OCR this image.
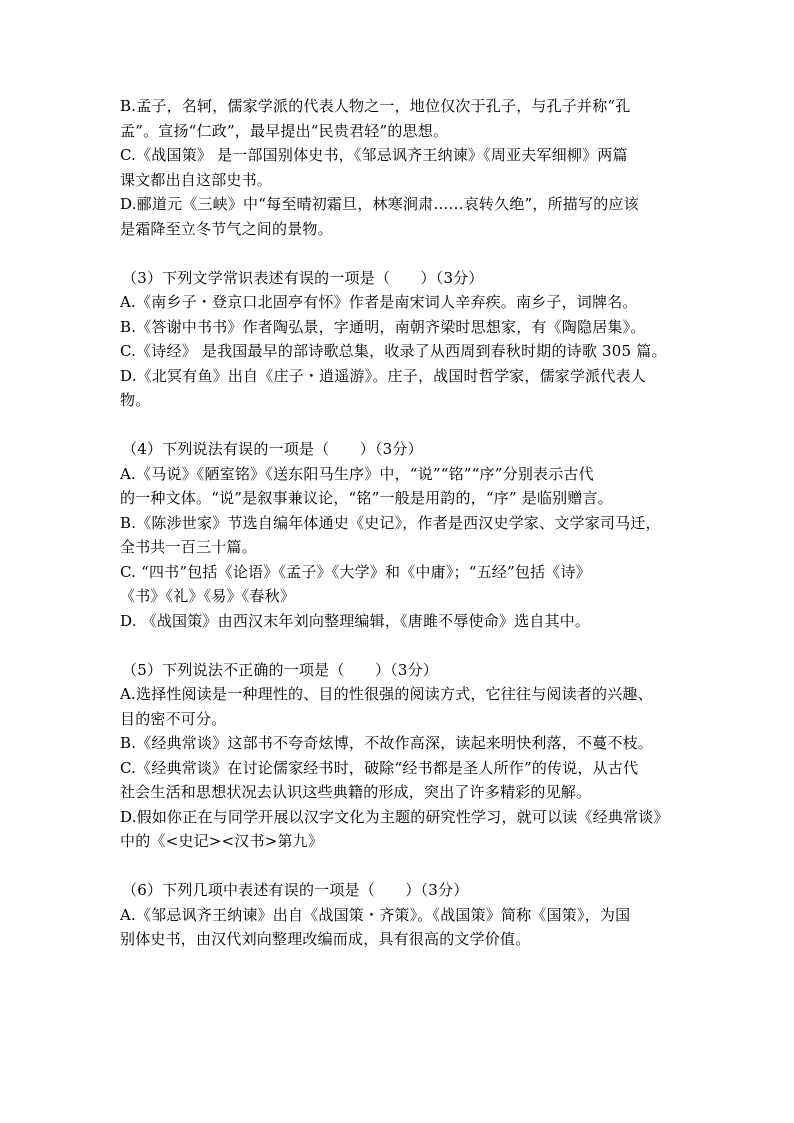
B.孟子，名轲，儒家学派的代表人物之一，地位仅次于孔子，与孔子并称“孔
孟”。宣扬“仁政”，最早提出“民贵君轻”的思想。
C.《战国策》 是一部国别体史书，《邹忌讽齐王纳谏》《周亚夫军细柳》两篇
课文都出自这部史书。
D.郦道元《三峡》中“每至晴初霜旦，林寒涧肃……哀转久绝”，所描写的应该
是霜降至立冬节气之间的景物。
（3）下列文学常识表述有误的一项是（　　）（3分）
A.《南乡子・登京口北固亭有怀》作者是南宋词人辛弃疾。南乡子，词牌名。
B.《答谢中书书》作者陶弘景，字通明，南朝齐梁时思想家，有《陶隐居集》。
C.《诗经》 是我国最早的部诗歌总集，收录了从西周到春秋时期的诗歌 305 篇。
D.《北冥有鱼》出自《庄子・逍遥游》。庄子，战国时哲学家，儒家学派代表人
物。
（4）下列说法有误的一项是（　　）（3分）
A.《马说》《陋室铭》《送东阳马生序》中，“说”“铭”“序”分别表示古代
的一种文体。“说”是叙事兼议论，“铭”一般是用韵的，“序” 是临别赠言。
B.《陈涉世家》节选自编年体通史《史记》，作者是西汉史学家、文学家司马迁，
全书共一百三十篇。
C. “四书”包括《论语》《孟子》《大学》和《中庸》；“五经”包括《诗》
《书》《礼》《易》《春秋》
D. 《战国策》由西汉末年刘向整理编辑，《唐雎不辱使命》选自其中。
（5）下列说法不正确的一项是（　　）（3分）
A.选择性阅读是一种理性的、目的性很强的阅读方式，它往往与阅读者的兴趣、
目的密不可分。
B.《经典常谈》这部书不夸奇炫博，不故作高深，读起来明快利落，不蔓不枝。
C.《经典常谈》在讨论儒家经书时，破除“经书都是圣人所作”的传说，从古代
社会生活和思想状况去认识这些典籍的形成，突出了许多精彩的见解。
D.假如你正在与同学开展以汉字文化为主题的研究性学习，就可以读《经典常谈》
中的《<史记><汉书>第九》
（6）下列几项中表述有误的一项是（　　）（3分）
A.《邹忌讽齐王纳谏》出自《战国策・齐策》。《战国策》简称《国策》，为国
别体史书，由汉代刘向整理改编而成，具有很高的文学价值。
